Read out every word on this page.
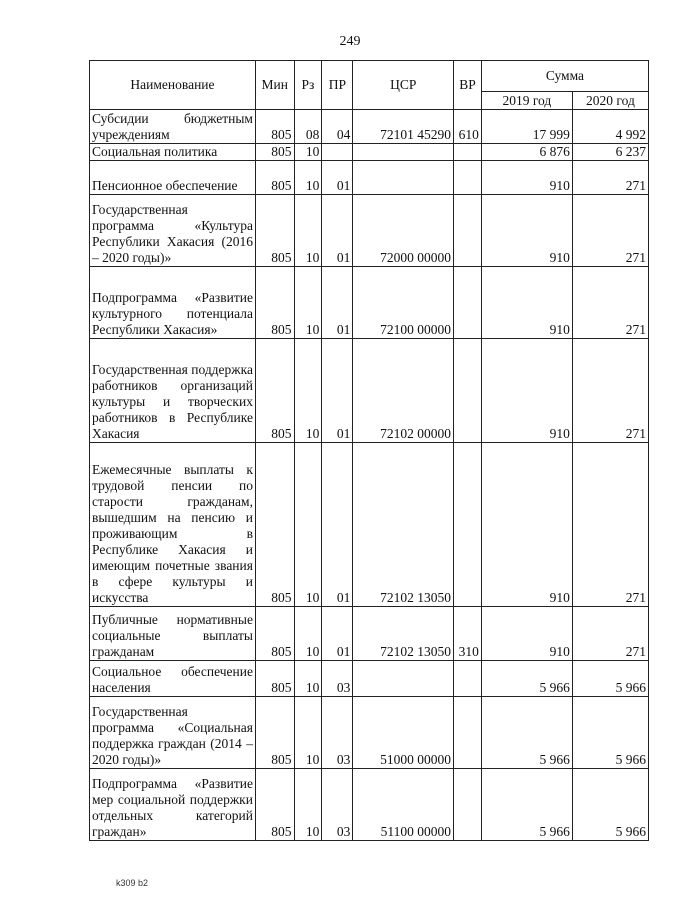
249
Наименование	Мин	Рз	ПР	ЦСР	ВР	Сумма	
						2019 год	2020 год
Субсидии бюджетным учреждениям	805	08	04	72101 45290	610	17 999	4 992
Социальная политика	805	10				6 876	6 237
Пенсионное обеспечение	805	10	01			910	271
Государственная программа «Культура Республики Хакасия (2016 – 2020 годы)»	805	10	01	72000 00000		910	271
Подпрограмма «Развитие культурного потенциала Республики Хакасия»	805	10	01	72100 00000		910	271
Государственная поддержка работников организаций культуры и творческих работников в Республике Хакасия	805	10	01	72102 00000		910	271
Ежемесячные выплаты к трудовой пенсии по старости гражданам, вышедшим на пенсию и проживающим в Республике Хакасия и имеющим почетные звания в сфере культуры и искусства	805	10	01	72102 13050		910	271
Публичные нормативные социальные выплаты гражданам	805	10	01	72102 13050	310	910	271
Социальное обеспечение населения	805	10	03			5 966	5 966
Государственная программа «Социальная поддержка граждан (2014 – 2020 годы)»	805	10	03	51000 00000		5 966	5 966
Подпрограмма «Развитие мер социальной поддержки отдельных категорий граждан»	805	10	03	51100 00000		5 966	5 966
k309 b2
